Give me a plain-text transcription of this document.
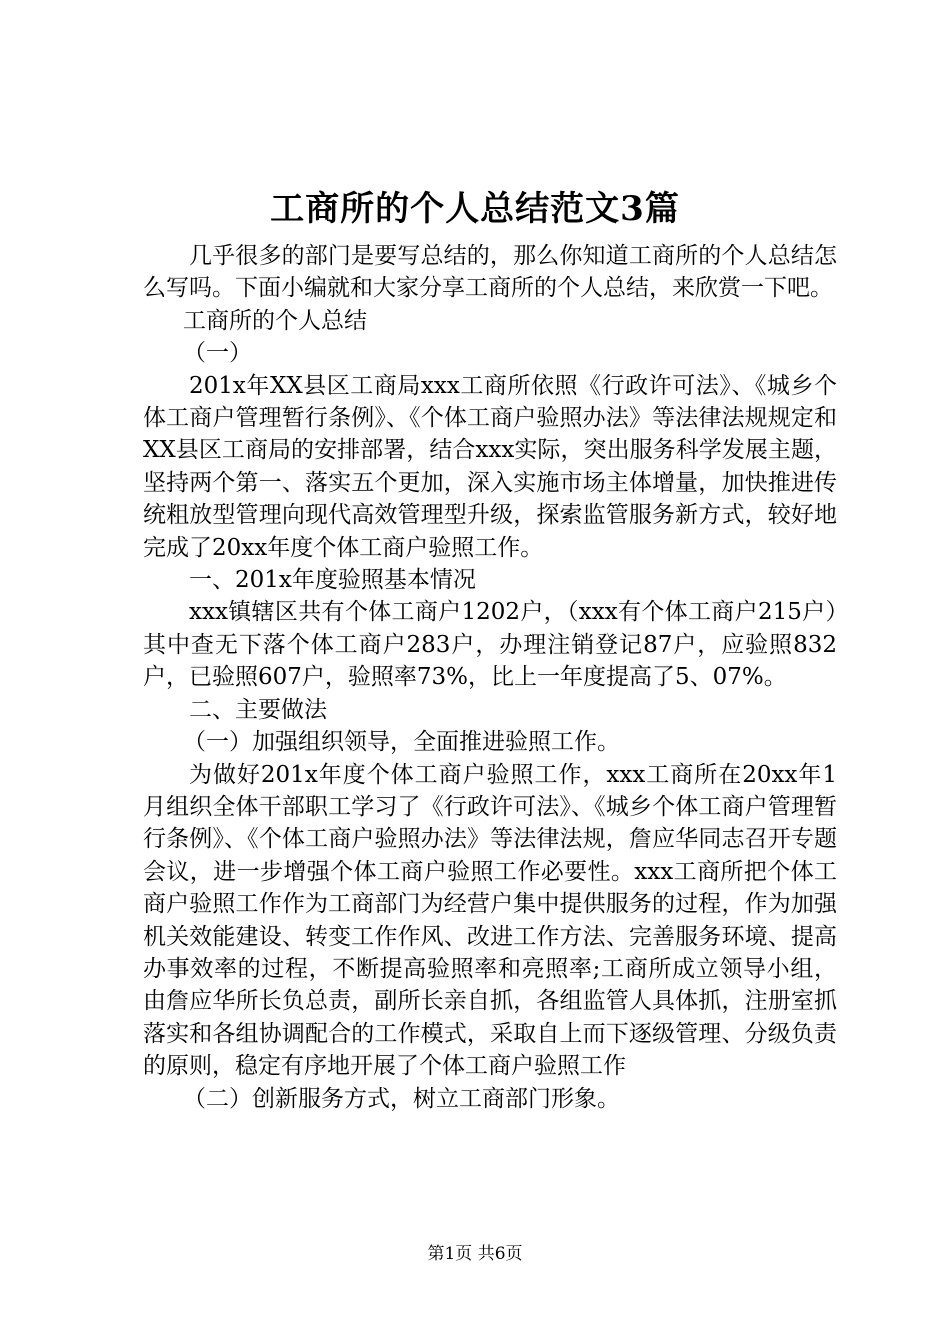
工商所的个人总结范文3篇

几乎很多的部门是要写总结的，那么你知道工商所的个人总结怎么写吗。下面小编就和大家分享工商所的个人总结，来欣赏一下吧。

工商所的个人总结

（一）

201x年XX县区工商局xxx工商所依照《行政许可法》、《城乡个体工商户管理暂行条例》、《个体工商户验照办法》等法律法规规定和XX县区工商局的安排部署，结合xxx实际，突出服务科学发展主题，坚持两个第一、落实五个更加，深入实施市场主体增量，加快推进传统粗放型管理向现代高效管理型升级，探索监管服务新方式，较好地完成了20xx年度个体工商户验照工作。

一、201x年度验照基本情况

xxx镇辖区共有个体工商户1202户，（xxx有个体工商户215户）其中查无下落个体工商户283户，办理注销登记87户，应验照832户，已验照607户，验照率73%，比上一年度提高了5、07%。

二、主要做法

（一）加强组织领导，全面推进验照工作。

为做好201x年度个体工商户验照工作，xxx工商所在20xx年1月组织全体干部职工学习了《行政许可法》、《城乡个体工商户管理暂行条例》、《个体工商户验照办法》等法律法规，詹应华同志召开专题会议，进一步增强个体工商户验照工作必要性。xxx工商所把个体工商户验照工作作为工商部门为经营户集中提供服务的过程，作为加强机关效能建设、转变工作作风、改进工作方法、完善服务环境、提高办事效率的过程，不断提高验照率和亮照率;工商所成立领导小组，由詹应华所长负总责，副所长亲自抓，各组监管人具体抓，注册室抓落实和各组协调配合的工作模式，采取自上而下逐级管理、分级负责的原则，稳定有序地开展了个体工商户验照工作

（二）创新服务方式，树立工商部门形象。

第1页 共6页
